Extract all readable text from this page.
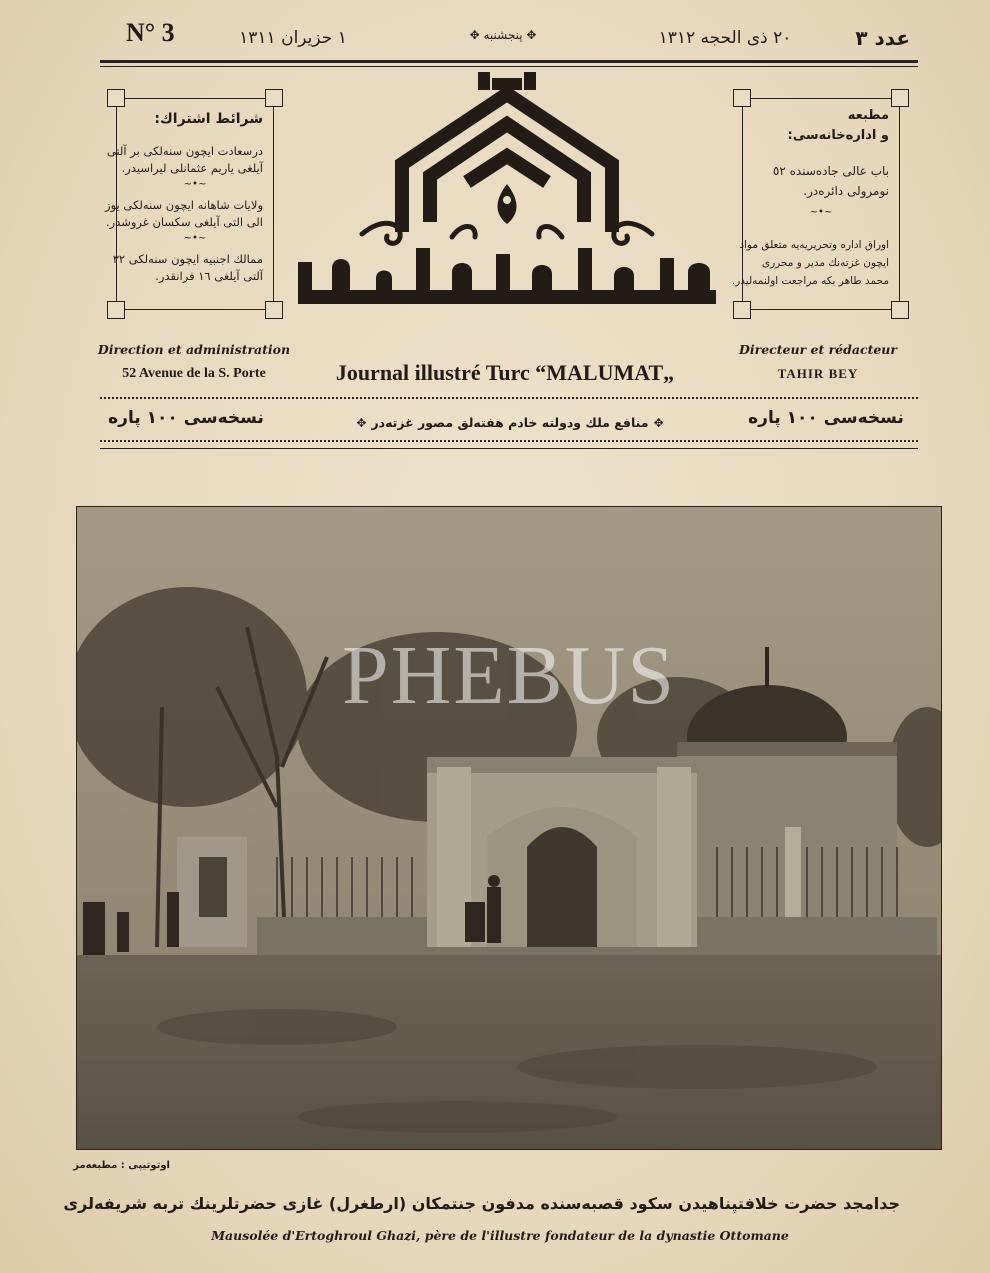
N° 3	١ حزيران ١٣١١	✥ پنجشنبه ✥	٢٠ ذی الحجه ١٣١٢	عدد ٣
شرائط اشتراك:
درسعادت ایچون سنه‌لکی بر آلتی
آیلغی یاریم عثمانلی لیراسیدر.
~•~
ولایات شاهانه ایچون سنه‌لکی یوز
الی التی آیلغی سکسان غروشدر.
~•~
ممالك اجنبیه ایچون سنه‌لکی ٣٢
آلتی آیلغی ١٦ فرانقدر.
Direction et administration
52 Avenue de la S. Porte
مطبعه
و اداره‌خانه‌سی:
باب عالی جاده‌سنده ٥٢
نومرولی دائره‌در.
~•~
اوراق اداره وتحریریه‌یه متعلق مواد
ایچون غزته‌نك مدیر و محرری
محمد طاهر بکه مراجعت اولنمه‌لیدر.
Directeur et rédacteur
TAHIR BEY
Journal illustré Turc “MALUMAT„
نسخه‌سی ١٠٠ پاره	✥ منافع ملك ودولته خادم هفته‌لق مصور غزته‌در ✥	نسخه‌سی ١٠٠ پاره
PHEBUS
اوتوتیپی : مطبعه‌مز
جدامجد حضرت خلافتپناهیدن سکود قصبه‌سنده مدفون جنتمکان (ارطغرل) غازی حضرتلرینك تربه شریفه‌لری
Mausolée d'Ertoghroul Ghazi, père de l'illustre fondateur de la dynastie Ottomane
